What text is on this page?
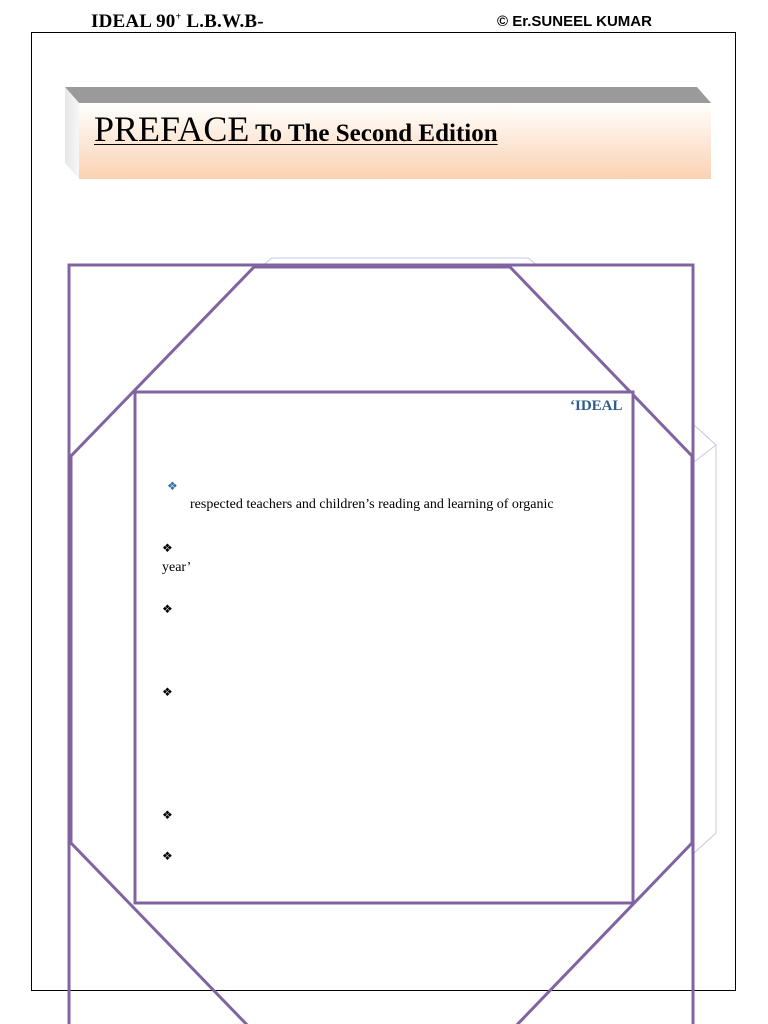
IDEAL 90+ L.B.W.B-	© Er.SUNEEL KUMAR
PREFACE To The Second Edition
‘IDEAL
❖
respected teachers and children’s reading and learning of organic
❖
year’
❖
❖
❖
❖
